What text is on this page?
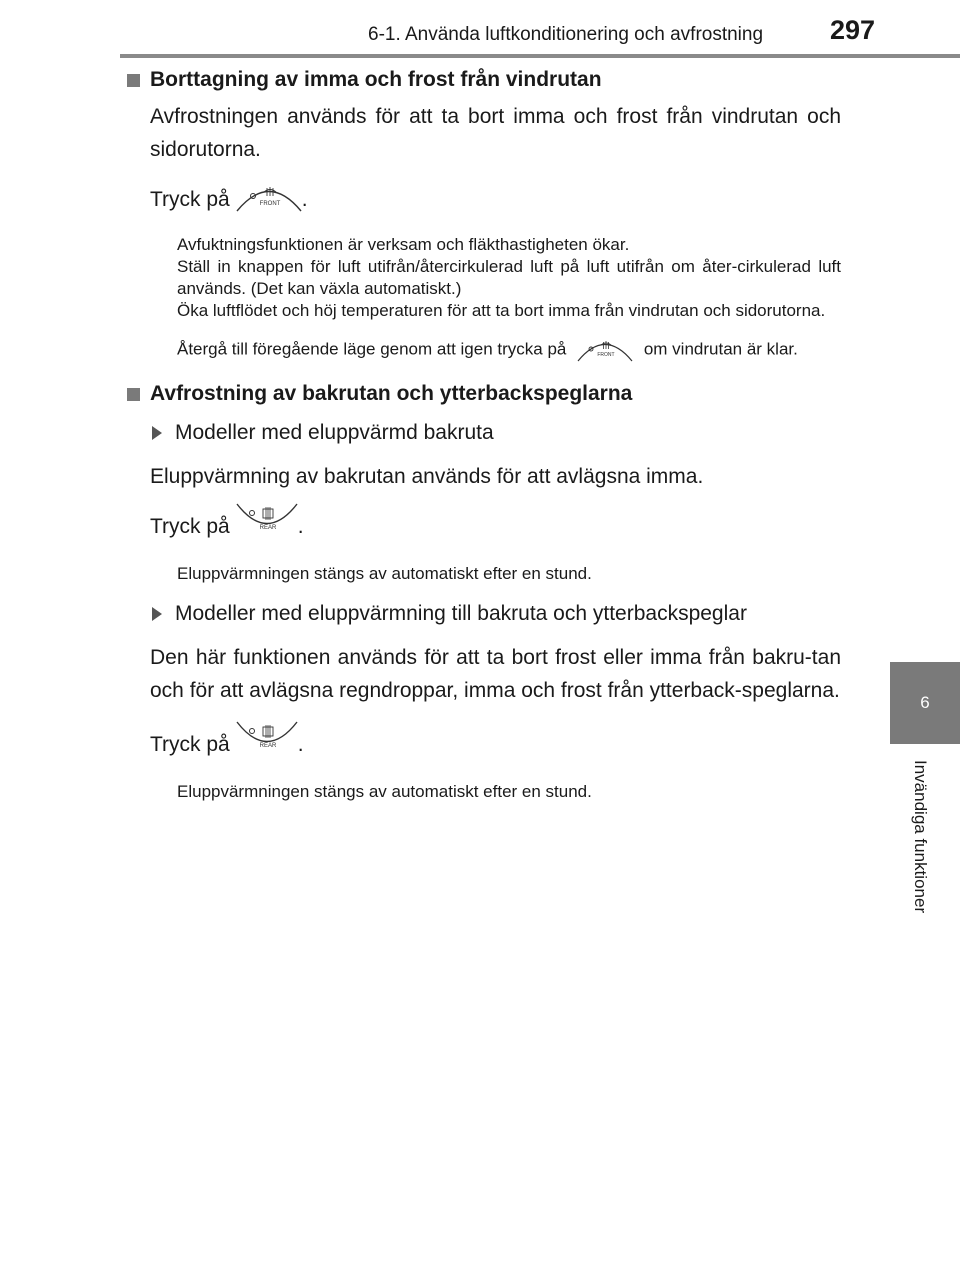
6-1. Använda luftkonditionering och avfrostning 297
6
Invändiga funktioner
Borttagning av imma och frost från vindrutan
Avfrostningen används för att ta bort imma och frost från vindrutan och sidorutorna.
Tryck på	FRONT .
Avfuktningsfunktionen är verksam och fläkthastigheten ökar.
Ställ in knappen för luft utifrån/återcirkulerad luft på luft utifrån om åter-cirkulerad luft används. (Det kan växla automatiskt.)
Öka luftflödet och höj temperaturen för att ta bort imma från vindrutan och sidorutorna.
Återgå till föregående läge genom att igen trycka på	FRONT om vindrutan är klar.
Avfrostning av bakrutan och ytterbackspeglarna
Modeller med eluppvärmd bakruta
Eluppvärmning av bakrutan används för att avlägsna imma.
Tryck på	REAR .
Eluppvärmningen stängs av automatiskt efter en stund.
Modeller med eluppvärmning till bakruta och ytterbackspeglar
Den här funktionen används för att ta bort frost eller imma från bakru-tan och för att avlägsna regndroppar, imma och frost från ytterback-speglarna.
Tryck på	REAR .
Eluppvärmningen stängs av automatiskt efter en stund.
